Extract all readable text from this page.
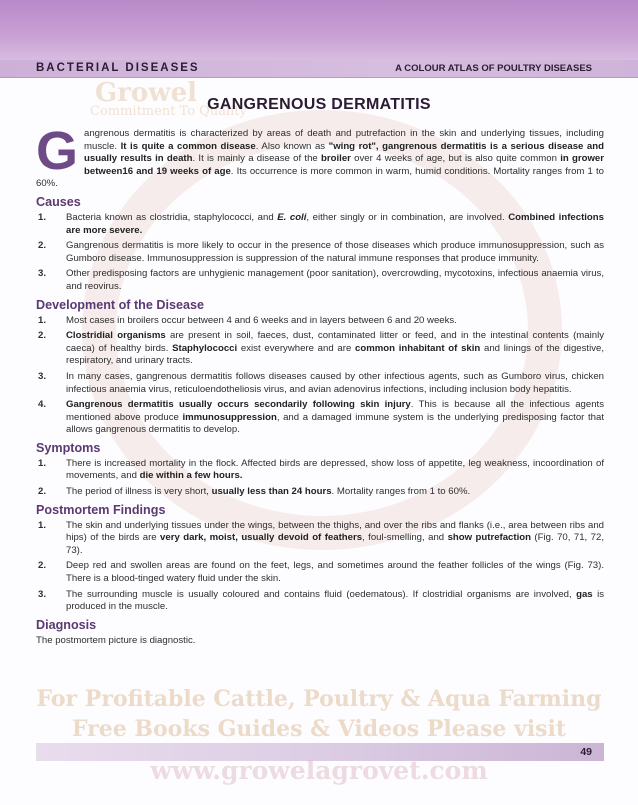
BACTERIAL DISEASES	A COLOUR ATLAS OF POULTRY DISEASES
Growel
Commitment To Quality
GANGRENOUS DERMATITIS
G angrenous dermatitis is characterized by areas of death and putrefaction in the skin and underlying tissues, including muscle. It is quite a common disease. Also known as "wing rot", gangrenous dermatitis is a serious disease and usually results in death. It is mainly a disease of the broiler over 4 weeks of age, but is also quite common in grower between16 and 19 weeks of age. Its occurrence is more common in warm, humid conditions. Mortality ranges from 1 to 60%.

Causes
1. Bacteria known as clostridia, staphylococci, and E. coli, either singly or in combination, are involved. Combined infections are more severe.
2. Gangrenous dermatitis is more likely to occur in the presence of those diseases which produce immunosuppression, such as Gumboro disease. Immunosuppression is suppression of the natural immune responses that produce immunity.
3. Other predisposing factors are unhygienic management (poor sanitation), overcrowding, mycotoxins, infectious anaemia virus, and reovirus.
Development of the Disease
1. Most cases in broilers occur between 4 and 6 weeks and in layers between 6 and 20 weeks.
2. Clostridial organisms are present in soil, faeces, dust, contaminated litter or feed, and in the intestinal contents (mainly caeca) of healthy birds. Staphylococci exist everywhere and are common inhabitant of skin and linings of the digestive, respiratory, and urinary tracts.
3. In many cases, gangrenous dermatitis follows diseases caused by other infectious agents, such as Gumboro virus, chicken infectious anaemia virus, reticuloendotheliosis virus, and avian adenovirus infections, including inclusion body hepatitis.
4. Gangrenous dermatitis usually occurs secondarily following skin injury. This is because all the infectious agents mentioned above produce immunosuppression, and a damaged immune system is the underlying predisposing factor that allows gangrenous dermatitis to develop.
Symptoms
1. There is increased mortality in the flock. Affected birds are depressed, show loss of appetite, leg weakness, incoordination of movements, and die within a few hours.
2. The period of illness is very short, usually less than 24 hours. Mortality ranges from 1 to 60%.
Postmortem Findings
1. The skin and underlying tissues under the wings, between the thighs, and over the ribs and flanks (i.e., area between ribs and hips) of the birds are very dark, moist, usually devoid of feathers, foul-smelling, and show putrefaction (Fig. 70, 71, 72, 73).
2. Deep red and swollen areas are found on the feet, legs, and sometimes around the feather follicles of the wings (Fig. 73). There is a blood-tinged watery fluid under the skin.
3. The surrounding muscle is usually coloured and contains fluid (oedematous). If clostridial organisms are involved, gas is produced in the muscle.
Diagnosis

The postmortem picture is diagnostic.

For Profitable Cattle, Poultry & Aqua Farming
Free Books Guides & Videos Please visit
49
www.growelagrovet.com
